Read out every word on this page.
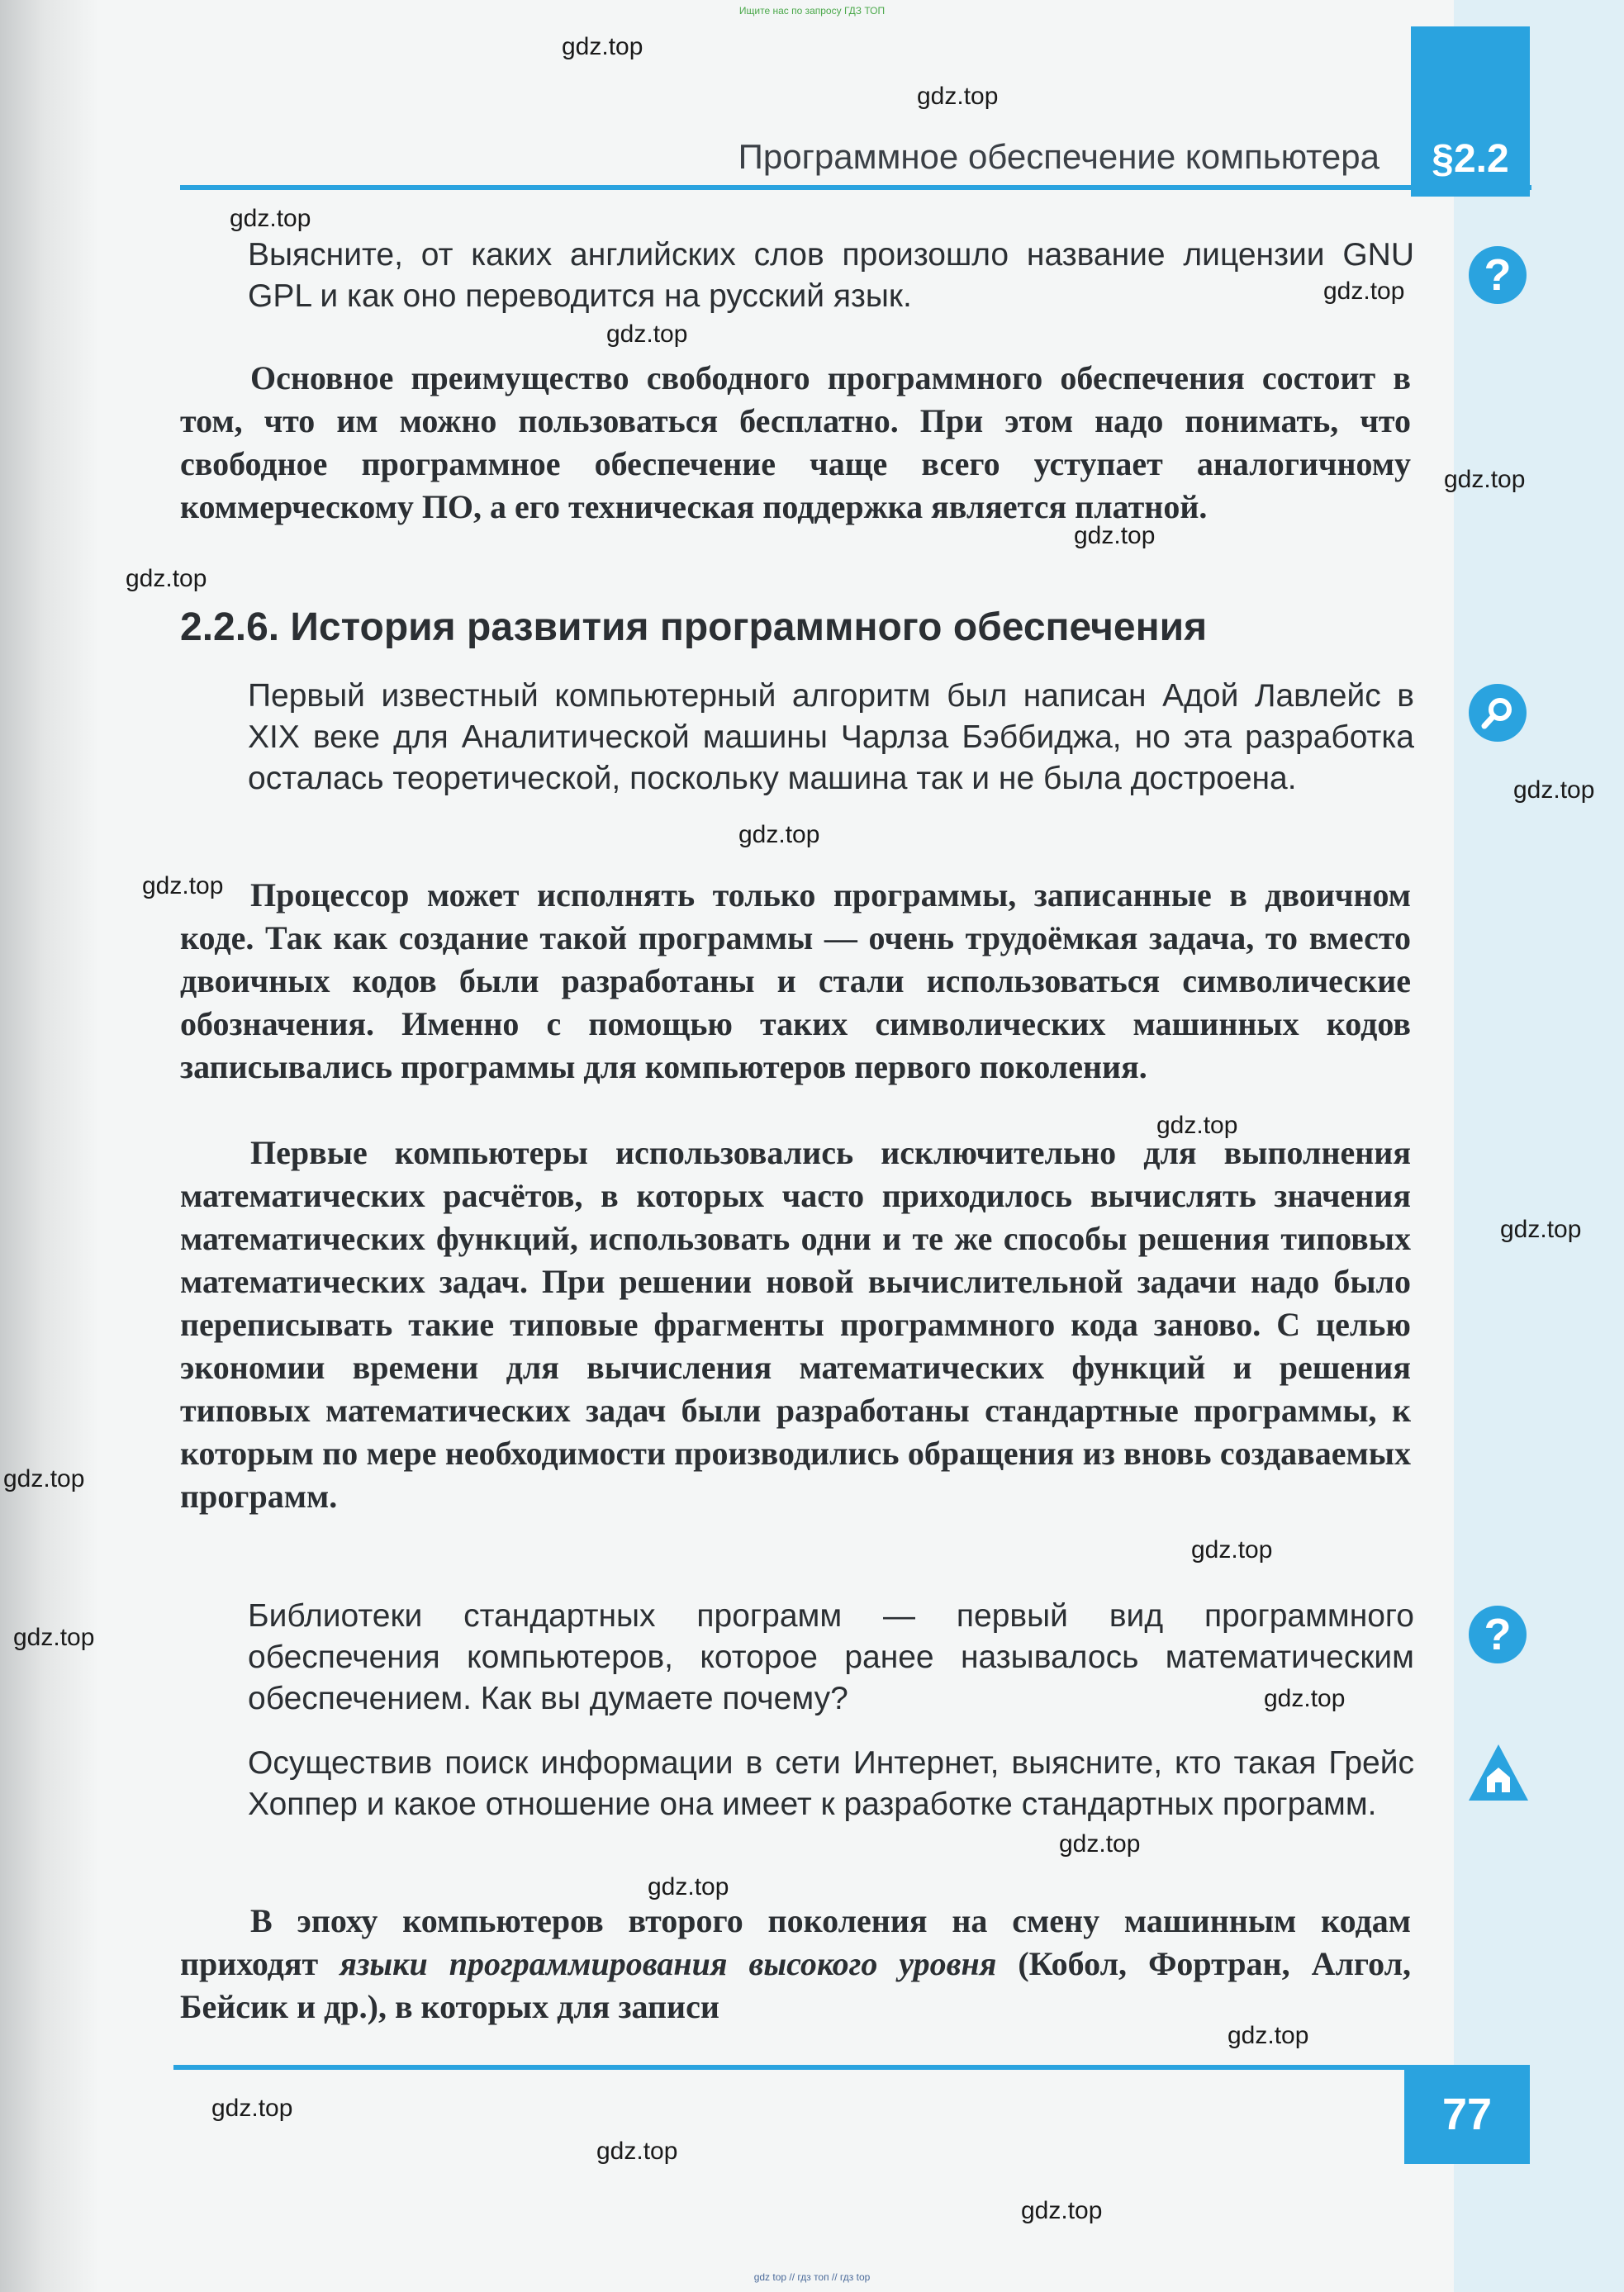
Ищите нас по запросу ГДЗ ТОП
§2.2
Программное обеспечение компьютера
?
?

Выясните, от каких английских слов произошло название лицензии GNU GPL и как оно переводится на русский язык.

Основное преимущество свободного программного обеспечения состоит в том, что им можно пользоваться бесплатно. При этом надо понимать, что свободное программное обеспечение чаще всего уступает аналогичному коммерческому ПО, а его техническая поддержка является платной.

2.2.6. История развития программного обеспечения

Первый известный компьютерный алгоритм был написан Адой Лавлейс в XIX веке для Аналитической машины Чарлза Бэббиджа, но эта разработка осталась теоретической, поскольку машина так и не была достроена.

Процессор может исполнять только программы, записанные в двоичном коде. Так как создание такой программы — очень трудоёмкая задача, то вместо двоичных кодов были разработаны и стали использоваться символические обозначения. Именно с помощью таких символических машинных кодов записывались программы для компьютеров первого поколения.

Первые компьютеры использовались исключительно для выполнения математических расчётов, в которых часто приходилось вычислять значения математических функций, использовать одни и те же способы решения типовых математических задач. При решении новой вычислительной задачи надо было переписывать такие типовые фрагменты программного кода заново. С целью экономии времени для вычисления математических функций и решения типовых математических задач были разработаны стандартные программы, к которым по мере необходимости производились обращения из вновь создаваемых программ.

Библиотеки стандартных программ — первый вид программного обеспечения компьютеров, которое ранее называлось математическим обеспечением. Как вы думаете почему?

Осуществив поиск информации в сети Интернет, выясните, кто такая Грейс Хоппер и какое отношение она имеет к разработке стандартных программ.

В эпоху компьютеров второго поколения на смену машинным кодам приходят языки программирования высокого уровня (Кобол, Фортран, Алгол, Бейсик и др.), в которых для записи

77
gdz.top
gdz.top
gdz.top
gdz.top
gdz.top
gdz.top
gdz.top
gdz.top
gdz.top
gdz.top
gdz.top
gdz.top
gdz.top
gdz.top
gdz.top
gdz.top
gdz.top
gdz.top
gdz.top
gdz.top
gdz.top
gdz.top
gdz.top
gdz top // гдз топ // гдз top
